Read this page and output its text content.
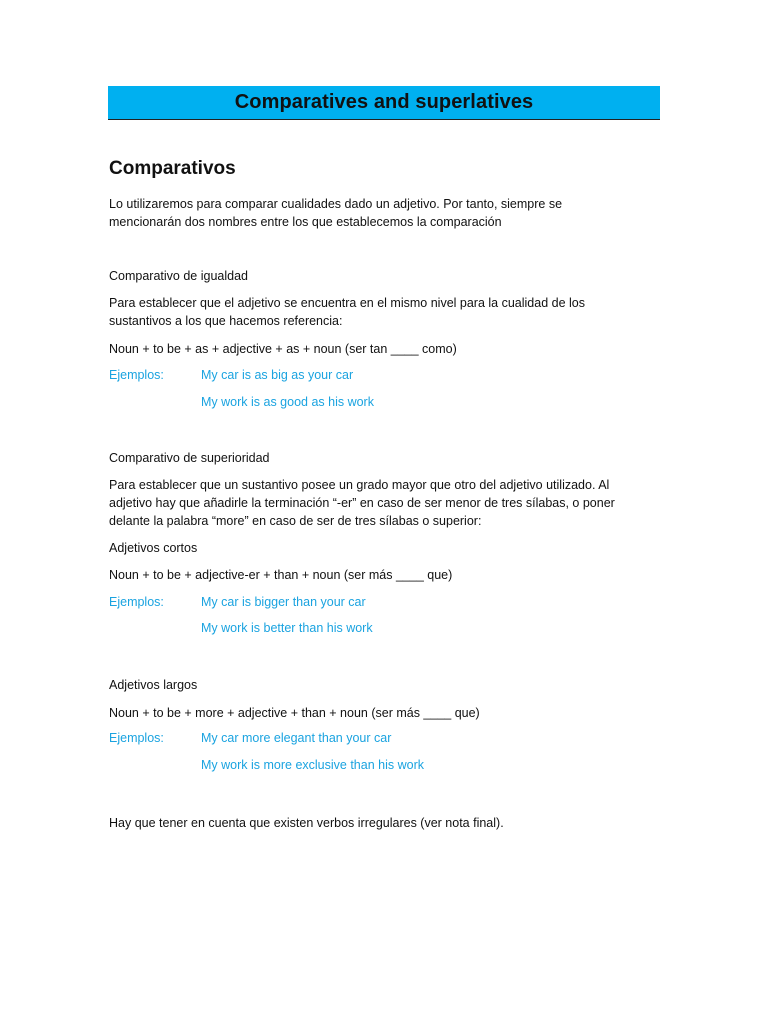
Comparatives and superlatives
Comparativos

Lo utilizaremos para comparar cualidades dado un adjetivo. Por tanto, siempre se

mencionarán dos nombres entre los que establecemos la comparación

Comparativo de igualdad

Para establecer que el adjetivo se encuentra en el mismo nivel para la cualidad de los

sustantivos a los que hacemos referencia:

Noun + to be + as + adjective + as + noun (ser tan ____ como)

Ejemplos:	My car is as big as your car
My work is as good as his work

Comparativo de superioridad

Para establecer que un sustantivo posee un grado mayor que otro del adjetivo utilizado. Al

adjetivo hay que añadirle la terminación “-er” en caso de ser menor de tres sílabas, o poner

delante la palabra “more” en caso de ser de tres sílabas o superior:

Adjetivos cortos

Noun + to be + adjective-er + than + noun (ser más ____ que)

Ejemplos:	My car is bigger than your car
My work is better than his work

Adjetivos largos

Noun + to be + more + adjective + than + noun (ser más ____ que)

Ejemplos:	My car more elegant than your car
My work is more exclusive than his work

Hay que tener en cuenta que existen verbos irregulares (ver nota final).
